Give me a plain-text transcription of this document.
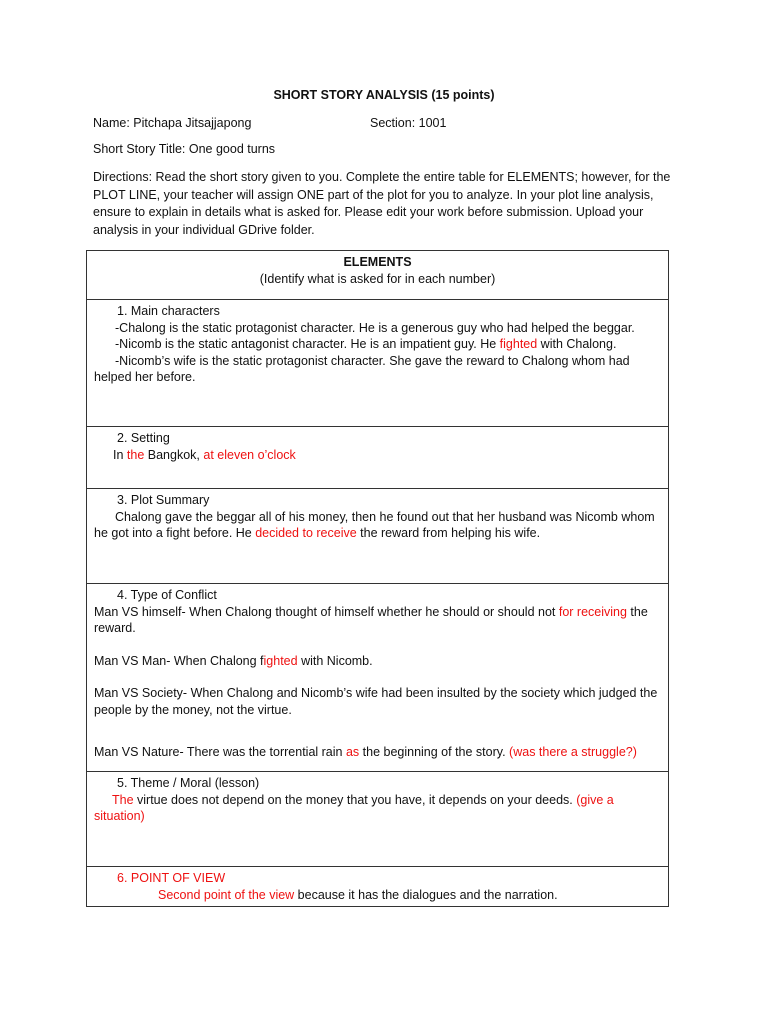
SHORT STORY ANALYSIS (15 points)
Name: Pitchapa Jitsajjapong	Section: 1001
Short Story Title: One good turns
Directions: Read the short story given to you. Complete the entire table for ELEMENTS; however, for the PLOT LINE, your teacher will assign ONE part of the plot for you to analyze. In your plot line analysis, ensure to explain in details what is asked for. Please edit your work before submission. Upload your analysis in your individual GDrive folder.
ELEMENTS
(Identify what is asked for in each number)

1. Main characters
-Chalong is the static protagonist character. He is a generous guy who had helped the beggar.
-Nicomb is the static antagonist character. He is an impatient guy. He fighted with Chalong.
-Nicomb’s wife is the static protagonist character. She gave the reward to Chalong whom had helped her before.

2. Setting
In the Bangkok, at eleven o’clock

3. Plot Summary
Chalong gave the beggar all of his money, then he found out that her husband was Nicomb whom he got into a fight before. He decided to receive the reward from helping his wife.

4. Type of Conflict
Man VS himself- When Chalong thought of himself whether he should or should not for receiving the reward.
Man VS Man- When Chalong fighted with Nicomb.
Man VS Society- When Chalong and Nicomb’s wife had been insulted by the society which judged the people by the money, not the virtue.
Man VS Nature- There was the torrential rain as the beginning of the story. (was there a struggle?)

5. Theme / Moral (lesson)
The virtue does not depend on the money that you have, it depends on your deeds. (give a situation)

6. POINT OF VIEW
Second point of the view because it has the dialogues and the narration.
